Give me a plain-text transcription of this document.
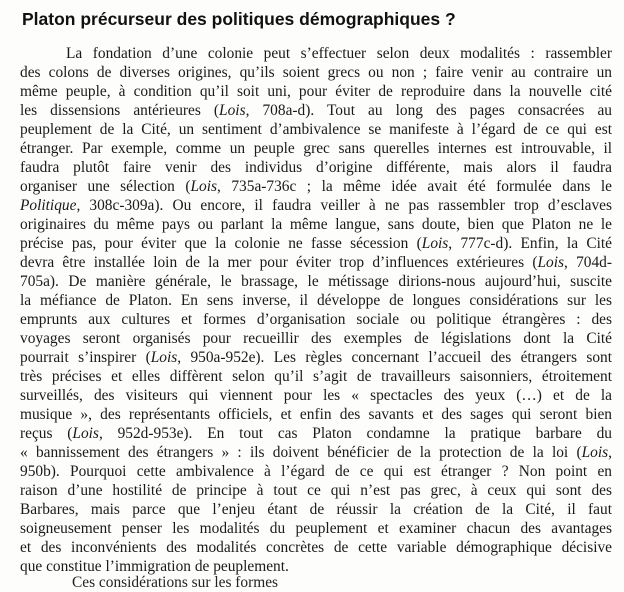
Platon précurseur des politiques démographiques ?
La fondation d’une colonie peut s’effectuer selon deux modalités : rassembler
des colons de diverses origines, qu’ils soient grecs ou non ; faire venir au contraire un
même peuple, à condition qu’il soit uni, pour éviter de reproduire dans la nouvelle cité
les dissensions antérieures (Lois, 708a-d). Tout au long des pages consacrées au
peuplement de la Cité, un sentiment d’ambivalence se manifeste à l’égard de ce qui est
étranger. Par exemple, comme un peuple grec sans querelles internes est introuvable, il
faudra plutôt faire venir des individus d’origine différente, mais alors il faudra
organiser une sélection (Lois, 735a-736c ; la même idée avait été formulée dans le
Politique, 308c-309a). Ou encore, il faudra veiller à ne pas rassembler trop d’esclaves
originaires du même pays ou parlant la même langue, sans doute, bien que Platon ne le
précise pas, pour éviter que la colonie ne fasse sécession (Lois, 777c-d). Enfin, la Cité
devra être installée loin de la mer pour éviter trop d’influences extérieures (Lois, 704d-
705a). De manière générale, le brassage, le métissage dirions-nous aujourd’hui, suscite
la méfiance de Platon. En sens inverse, il développe de longues considérations sur les
emprunts aux cultures et formes d’organisation sociale ou politique étrangères : des
voyages seront organisés pour recueillir des exemples de législations dont la Cité
pourrait s’inspirer (Lois, 950a-952e). Les règles concernant l’accueil des étrangers sont
très précises et elles diffèrent selon qu’il s’agit de travailleurs saisonniers, étroitement
surveillés, des visiteurs qui viennent pour les « spectacles des yeux (…) et de la
musique », des représentants officiels, et enfin des savants et des sages qui seront bien
reçus (Lois, 952d-953e). En tout cas Platon condamne la pratique barbare du
« bannissement des étrangers » : ils doivent bénéficier de la protection de la loi (Lois,
950b). Pourquoi cette ambivalence à l’égard de ce qui est étranger ? Non point en
raison d’une hostilité de principe à tout ce qui n’est pas grec, à ceux qui sont des
Barbares, mais parce que l’enjeu étant de réussir la création de la Cité, il faut
soigneusement penser les modalités du peuplement et examiner chacun des avantages
et des inconvénients des modalités concrètes de cette variable démographique décisive
que constitue l’immigration de peuplement.
Ces considérations sur les formes
